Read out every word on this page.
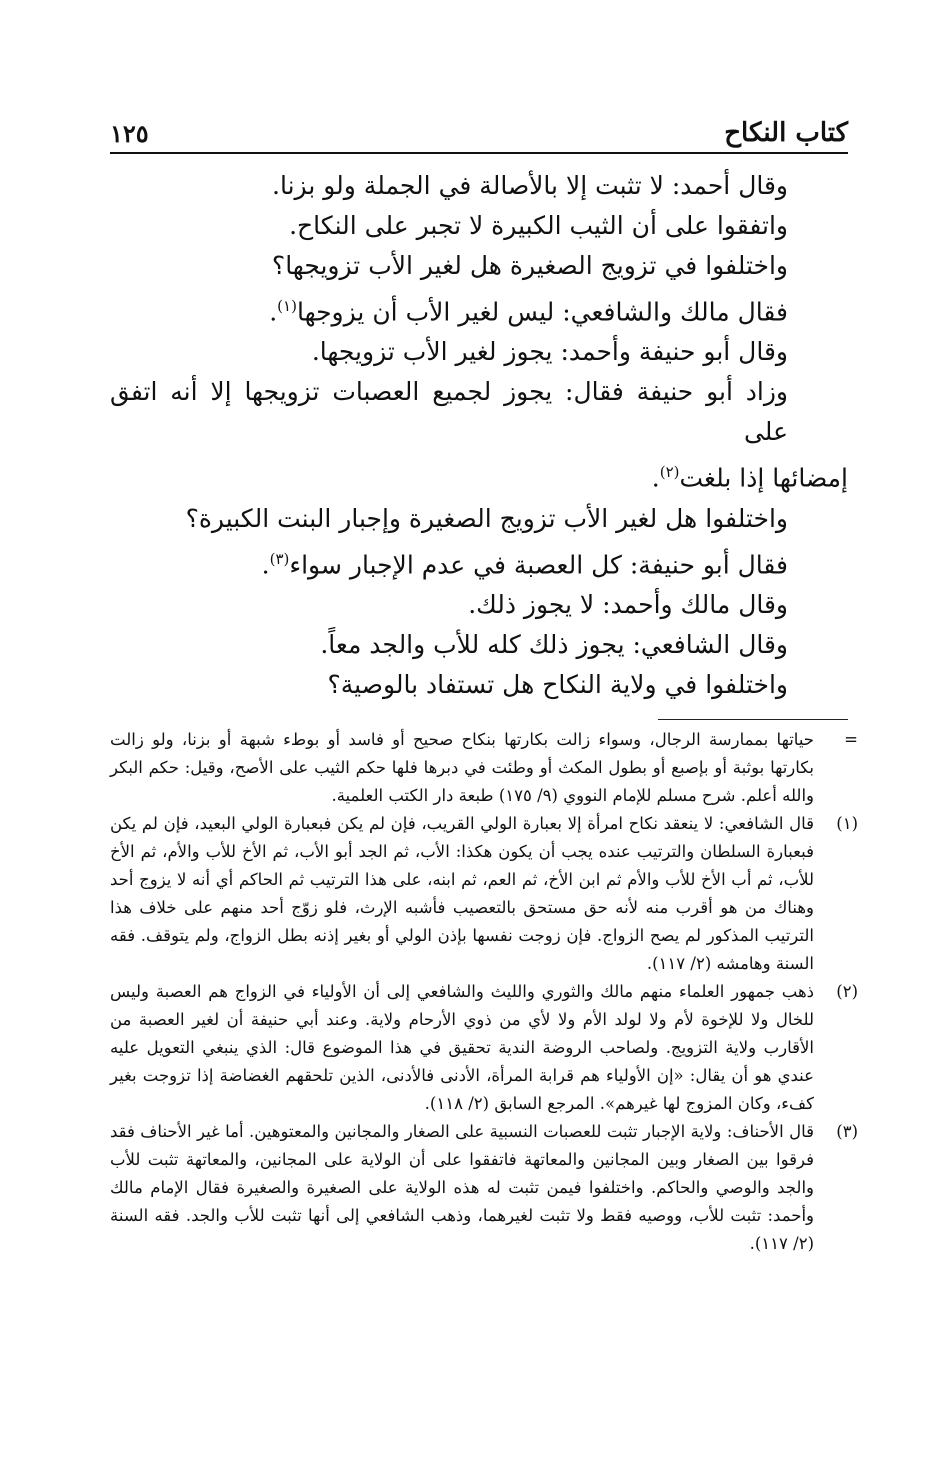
كتاب النكاح
١٢٥

وقال أحمد: لا تثبت إلا بالأصالة في الجملة ولو بزنا.

واتفقوا على أن الثيب الكبيرة لا تجبر على النكاح.

واختلفوا في تزويج الصغيرة هل لغير الأب تزويجها؟

فقال مالك والشافعي: ليس لغير الأب أن يزوجها$^{(١)}$.

وقال أبو حنيفة وأحمد: يجوز لغير الأب تزويجها.

وزاد أبو حنيفة فقال: يجوز لجميع العصبات تزويجها إلا أنه اتفق على

إمضائها إذا بلغت$^{(٢)}$.

واختلفوا هل لغير الأب تزويج الصغيرة وإجبار البنت الكبيرة؟

فقال أبو حنيفة: كل العصبة في عدم الإجبار سواء$^{(٣)}$.

وقال مالك وأحمد: لا يجوز ذلك.

وقال الشافعي: يجوز ذلك كله للأب والجد معاً.

واختلفوا في ولاية النكاح هل تستفاد بالوصية؟

=
حياتها بممارسة الرجال، وسواء زالت بكارتها بنكاح صحيح أو فاسد أو بوطء شبهة أو بزنا، ولو زالت بكارتها بوثبة أو بإصبع أو بطول المكث أو وطئت في دبرها فلها حكم الثيب على الأصح، وقيل: حكم البكر والله أعلم. شرح مسلم للإمام النووي (٩/ ١٧٥) طبعة دار الكتب العلمية.
(١)
قال الشافعي: لا ينعقد نكاح امرأة إلا بعبارة الولي القريب، فإن لم يكن فبعبارة الولي البعيد، فإن لم يكن فبعبارة السلطان والترتيب عنده يجب أن يكون هكذا: الأب، ثم الجد أبو الأب، ثم الأخ للأب والأم، ثم الأخ للأب، ثم أب الأخ للأب والأم ثم ابن الأخ، ثم العم، ثم ابنه، على هذا الترتيب ثم الحاكم أي أنه لا يزوج أحد وهناك من هو أقرب منه لأنه حق مستحق بالتعصيب فأشبه الإرث، فلو زوّج أحد منهم على خلاف هذا الترتيب المذكور لم يصح الزواج. فإن زوجت نفسها بإذن الولي أو بغير إذنه بطل الزواج، ولم يتوقف. فقه السنة وهامشه (٢/ ١١٧).
(٢)
ذهب جمهور العلماء منهم مالك والثوري والليث والشافعي إلى أن الأولياء في الزواج هم العصبة وليس للخال ولا للإخوة لأم ولا لولد الأم ولا لأي من ذوي الأرحام ولاية. وعند أبي حنيفة أن لغير العصبة من الأقارب ولاية التزويج. ولصاحب الروضة الندية تحقيق في هذا الموضوع قال: الذي ينبغي التعويل عليه عندي هو أن يقال: «إن الأولياء هم قرابة المرأة، الأدنى فالأدنى، الذين تلحقهم الغضاضة إذا تزوجت بغير كفء، وكان المزوج لها غيرهم». المرجع السابق (٢/ ١١٨).
(٣)
قال الأحناف: ولاية الإجبار تثبت للعصبات النسبية على الصغار والمجانين والمعتوهين. أما غير الأحناف فقد فرقوا بين الصغار وبين المجانين والمعاتهة فاتفقوا على أن الولاية على المجانين، والمعاتهة تثبت للأب والجد والوصي والحاكم. واختلفوا فيمن تثبت له هذه الولاية على الصغيرة والصغيرة فقال الإمام مالك وأحمد: تثبت للأب، ووصيه فقط ولا تثبت لغيرهما، وذهب الشافعي إلى أنها تثبت للأب والجد. فقه السنة (٢/ ١١٧).
